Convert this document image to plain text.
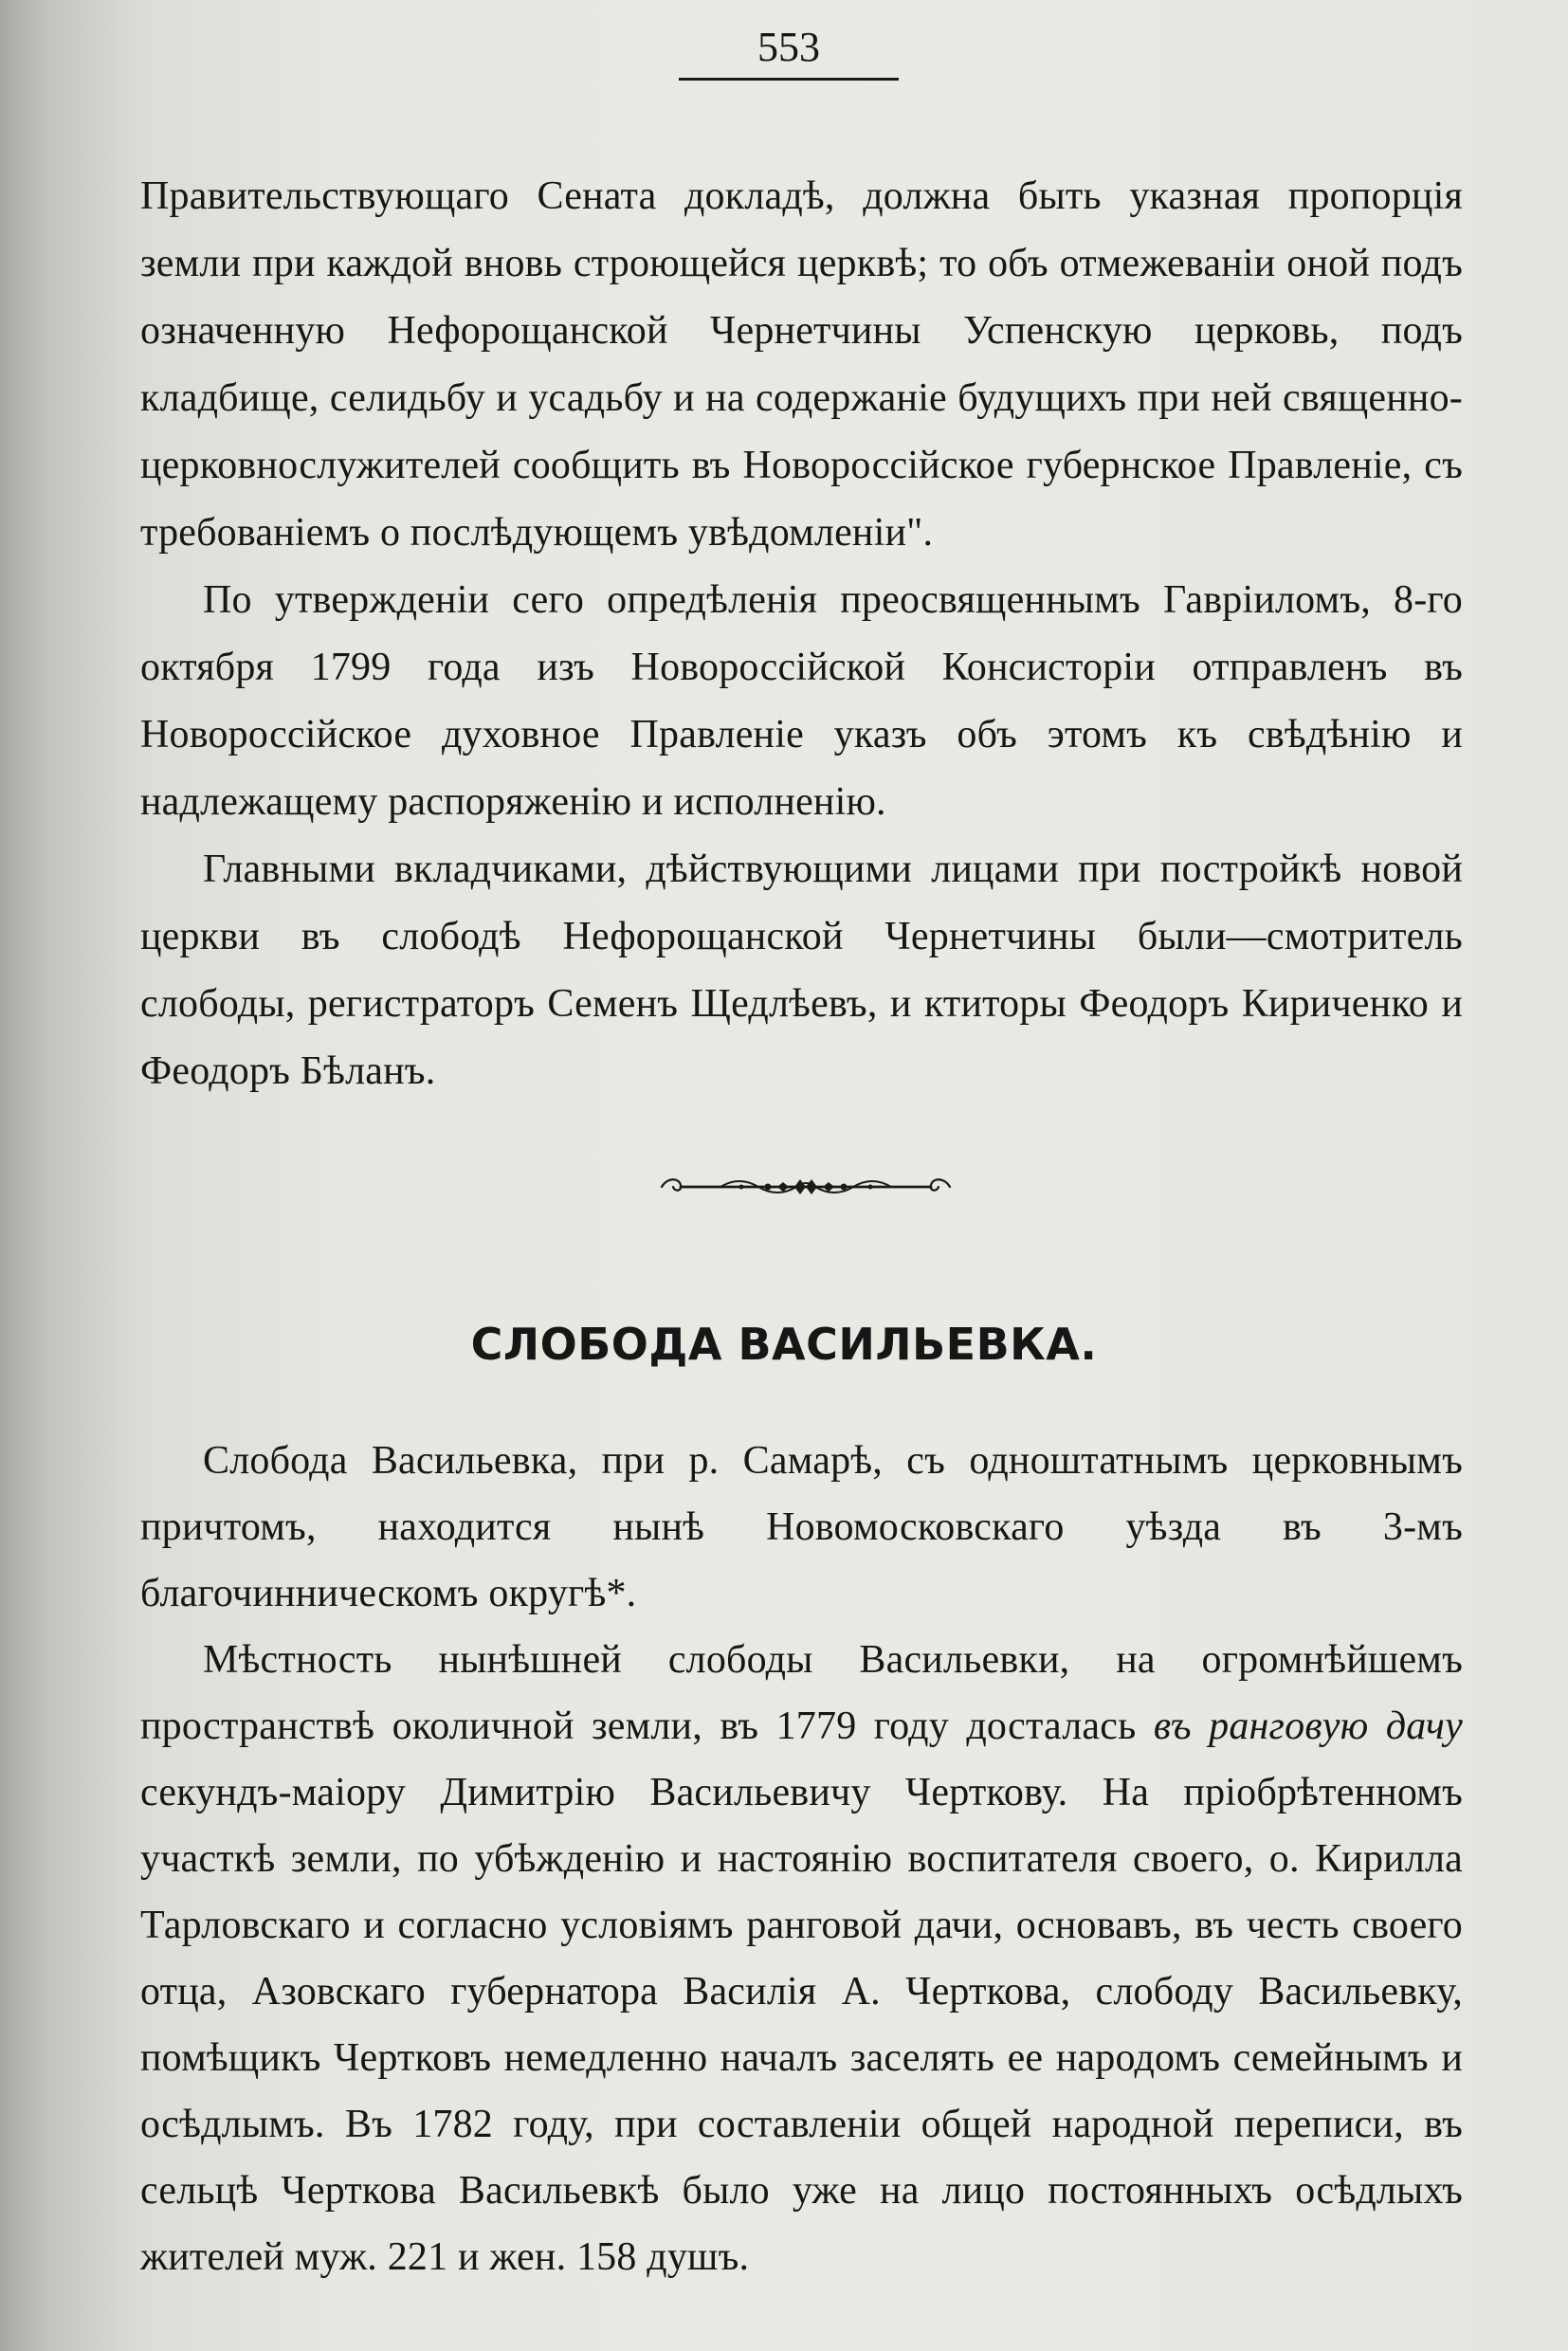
553

Правительствующаго Сената докладѣ, должна быть указная пропорція земли при каждой вновь строющейся церквѣ; то объ отмежеваніи оной подъ означенную Нефорощанской Чернетчины Успенскую церковь, подъ кладбище, селидьбу и усадьбу и на содержаніе будущихъ при ней священно-церковнослужителей сообщить въ Новороссійское губернское Правленіе, съ требованіемъ о послѣдующемъ увѣдомленіи".

По утвержденіи сего опредѣленія преосвященнымъ Гавріиломъ, 8-го октября 1799 года изъ Новороссійской Консисторіи отправленъ въ Новороссійское духовное Правленіе указъ объ этомъ къ свѣдѣнію и надлежащему распоряженію и исполненію.

Главными вкладчиками, дѣйствующими лицами при постройкѣ новой церкви въ слободѣ Нефорощанской Чернетчины были—смотритель слободы, регистраторъ Семенъ Щедлѣевъ, и ктиторы Феодоръ Кириченко и Феодоръ Бѣланъ.

СЛОБОДА ВАСИЛЬЕВКА.

Слобода Васильевка, при р. Самарѣ, съ одноштатнымъ церковнымъ причтомъ, находится нынѣ Новомосковскаго уѣзда въ 3-мъ благочинническомъ округѣ*.

Мѣстность нынѣшней слободы Васильевки, на огромнѣйшемъ пространствѣ околичной земли, въ 1779 году досталась въ ранговую дачу секундъ-маіору Димитрію Васильевичу Черткову. На пріобрѣтенномъ участкѣ земли, по убѣжденію и настоянію воспитателя своего, о. Кирилла Тарловскаго и согласно условіямъ ранговой дачи, основавъ, въ честь своего отца, Азовскаго губернатора Василія А. Черткова, слободу Васильевку, помѣщикъ Чертковъ немедленно началъ заселять ее народомъ семейнымъ и осѣдлымъ. Въ 1782 году, при составленіи общей народной переписи, въ сельцѣ Черткова Васильевкѣ было уже на лицо постоянныхъ осѣдлыхъ жителей муж. 221 и жен. 158 душъ.
